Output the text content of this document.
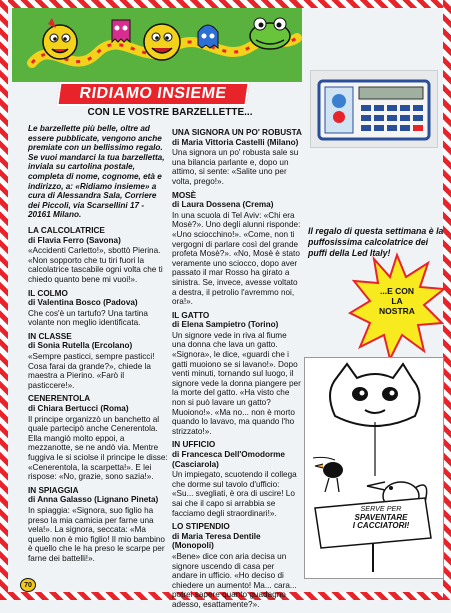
RIDIAMO INSIEME
CON LE VOSTRE BARZELLETTE...

Le barzellette più belle, oltre ad essere pubblicate, vengono anche premiate con un bellissimo regalo. Se vuoi mandarci la tua barzelletta, inviala su cartolina postale, completa di nome, cognome, età e indirizzo, a: «Ridiamo insieme» a cura di Alessandra Sala, Corriere dei Piccoli, via Scarsellini 17 - 20161 Milano.

LA CALCOLATRICE

di Flavia Ferro (Savona)

«Accidenti Carletto!», sbottò Pierina. «Non sopporto che tu tiri fuori la calcolatrice tascabile ogni volta che ti chiedo quanto bene mi vuoi!».

IL COLMO

di Valentina Bosco (Padova)

Che cos'è un tartufo? Una tartina volante non meglio identificata.

IN CLASSE

di Sonia Rutella (Ercolano)

«Sempre pasticci, sempre pasticci! Cosa farai da grande?», chiede la maestra a Pierino. «Farò il pasticcere!».

CENERENTOLA

di Chiara Bertucci (Roma)

Il principe organizzò un banchetto al quale partecipò anche Cenerentola. Ella mangiò molto eppoi, a mezzanotte, se ne andò via. Mentre fuggiva le si sciolse il principe le disse: «Cenerentola, la scarpetta!». E lei rispose: «No, grazie, sono sazia!».

IN SPIAGGIA

di Anna Galasso (Lignano Pineta)

In spiaggia: «Signora, suo figlio ha preso la mia camicia per farne una vela!». La signora, seccata: «Ma quello non è mio figlio! Il mio bambino è quello che le ha preso le scarpe per farne dei battelli!».

UNA SIGNORA UN PO' ROBUSTA

di Maria Vittoria Castelli (Milano)

Una signora un po' robusta sale su una bilancia parlante e, dopo un attimo, si sente: «Salite uno per volta, prego!».

MOSÈ

di Laura Dossena (Crema)

In una scuola di Tel Aviv: «Chi era Mosè?». Uno degli alunni risponde: «Uno sciocchino!». «Come, non ti vergogni di parlare così del grande profeta Mosè?». «No, Mosè è stato veramente uno sciocco, dopo aver passato il mar Rosso ha girato a sinistra. Se, invece, avesse voltato a destra, il petrolio l'avremmo noi, ora!».

IL GATTO

di Elena Sampietro (Torino)

Un signore vede in riva al fiume una donna che lava un gatto. «Signora», le dice, «guardi che i gatti muoiono se si lavano!». Dopo venti minuti, tornando sul luogo, il signore vede la donna piangere per la morte del gatto. «Ha visto che non si può lavare un gatto? Muoiono!». «Ma no... non è morto quando lo lavavo, ma quando l'ho strizzato!».

IN UFFICIO

di Francesca Dell'Omodorme (Casciarola)

Un impiegato, scuotendo il collega che dorme sul tavolo d'ufficio: «Su... svegliati, è ora di uscire! Lo sai che il capo si arrabbia se facciamo degli straordinari!».

LO STIPENDIO

di Maria Teresa Dentile (Monopoli)

«Bene» dice con aria decisa un signore uscendo di casa per andare in ufficio. «Ho deciso di chiedere un aumento! Ma... cara... potrei sapere quanto guadagno adesso, esattamente?».

Il regalo di questa settimana è la puffosissima calcolatrice dei puffi della Led Italy!
...E CON LA NOSTRA
SERVE PER
SPAVENTARE
I CACCIATORI!
70
